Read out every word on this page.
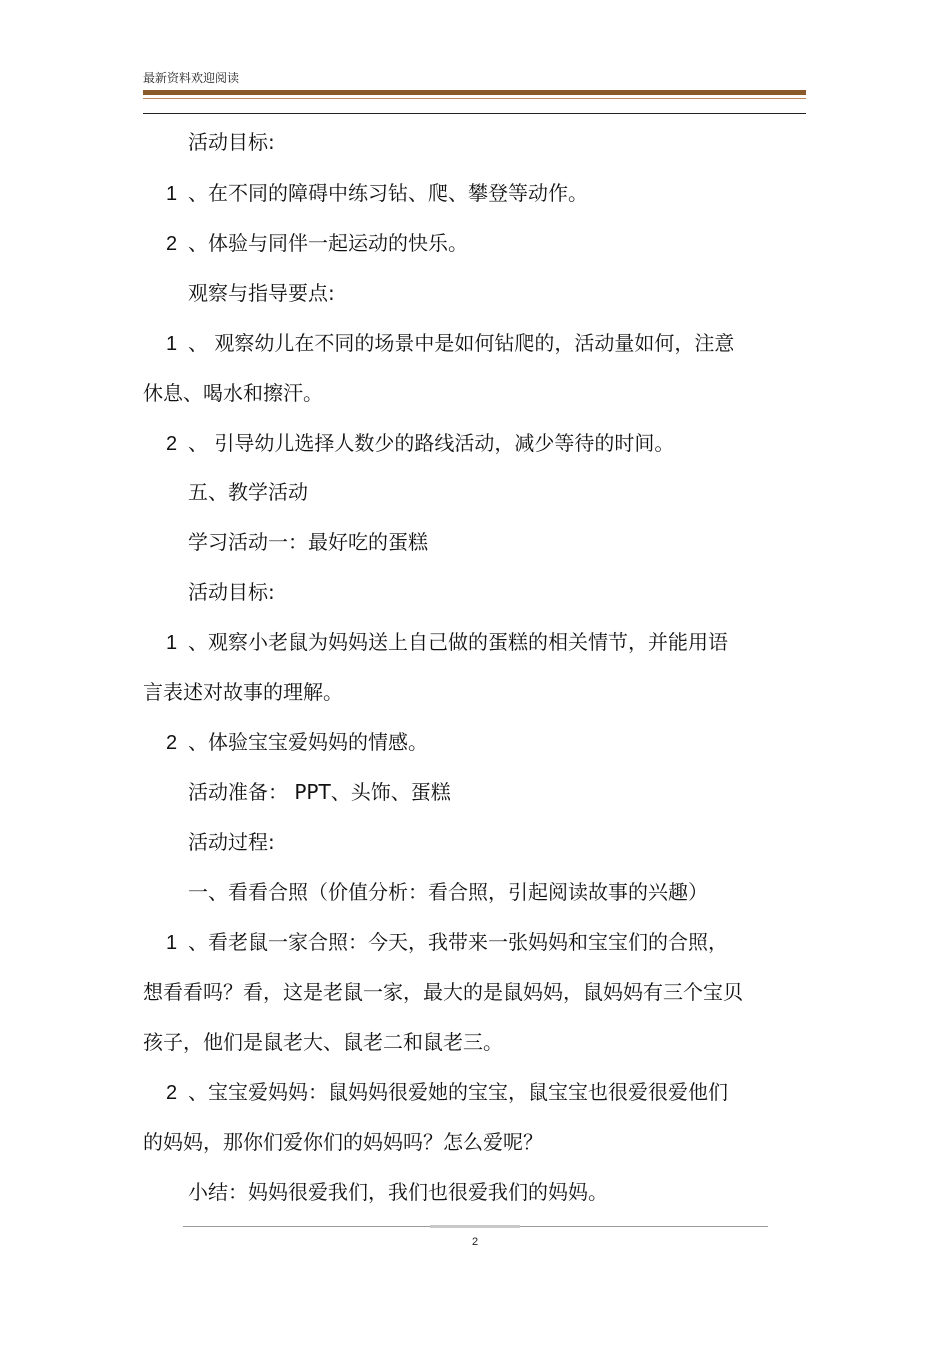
最新资料欢迎阅读
活动目标:
1 、在不同的障碍中练习钻、爬、攀登等动作。
2 、体验与同伴一起运动的快乐。
观察与指导要点:
1 、 观察幼儿在不同的场景中是如何钻爬的，活动量如何，注意
休息、喝水和擦汗。
2 、 引导幼儿选择人数少的路线活动，减少等待的时间。
五、教学活动
学习活动一：最好吃的蛋糕
活动目标:
1 、观察小老鼠为妈妈送上自己做的蛋糕的相关情节，并能用语
言表述对故事的理解。
2 、体验宝宝爱妈妈的情感。
活动准备： PPT、头饰、蛋糕
活动过程:
一、看看合照（价值分析：看合照，引起阅读故事的兴趣）
1 、看老鼠一家合照：今天，我带来一张妈妈和宝宝们的合照，
想看看吗？看，这是老鼠一家，最大的是鼠妈妈，鼠妈妈有三个宝贝
孩子，他们是鼠老大、鼠老二和鼠老三。
2 、宝宝爱妈妈：鼠妈妈很爱她的宝宝，鼠宝宝也很爱很爱他们
的妈妈，那你们爱你们的妈妈吗？怎么爱呢？
小结：妈妈很爱我们，我们也很爱我们的妈妈。
2
